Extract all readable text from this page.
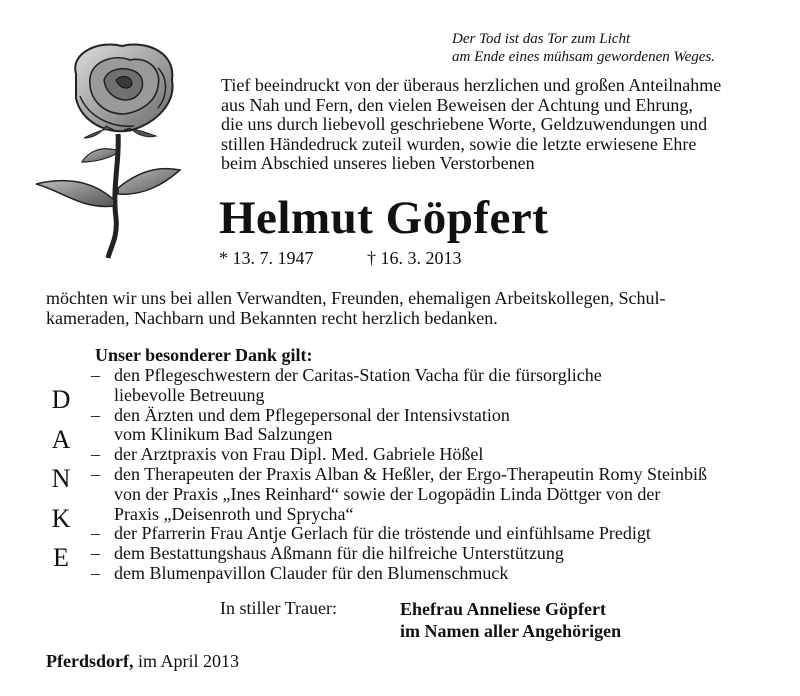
Der Tod ist das Tor zum Licht
am Ende eines mühsam gewordenen Weges.
Tief beeindruckt von der überaus herzlichen und großen Anteilnahme
aus Nah und Fern, den vielen Beweisen der Achtung und Ehrung,
die uns durch liebevoll geschriebene Worte, Geldzuwendungen und
stillen Händedruck zuteil wurden, sowie die letzte erwiesene Ehre
beim Abschied unseres lieben Verstorbenen
Helmut Göpfert
* 13. 7. 1947	† 16. 3. 2013
möchten wir uns bei allen Verwandten, Freunden, ehemaligen Arbeitskollegen, Schul-
kameraden, Nachbarn und Bekannten recht herzlich bedanken.
D
A
N
K
E
Unser besonderer Dank gilt:
– den Pflegeschwestern der Caritas-Station Vacha für die fürsorgliche
liebevolle Betreuung
– den Ärzten und dem Pflegepersonal der Intensivstation
vom Klinikum Bad Salzungen
– der Arztpraxis von Frau Dipl. Med. Gabriele Hößel
– den Therapeuten der Praxis Alban & Heßler, der Ergo-Therapeutin Romy Steinbiß
von der Praxis „Ines Reinhard“ sowie der Logopädin Linda Döttger von der
Praxis „Deisenroth und Sprycha“
– der Pfarrerin Frau Antje Gerlach für die tröstende und einfühlsame Predigt
– dem Bestattungshaus Aßmann für die hilfreiche Unterstützung
– dem Blumenpavillon Clauder für den Blumenschmuck
In stiller Trauer:	Ehefrau Anneliese Göpfert
im Namen aller Angehörigen
Pferdsdorf, im April 2013
